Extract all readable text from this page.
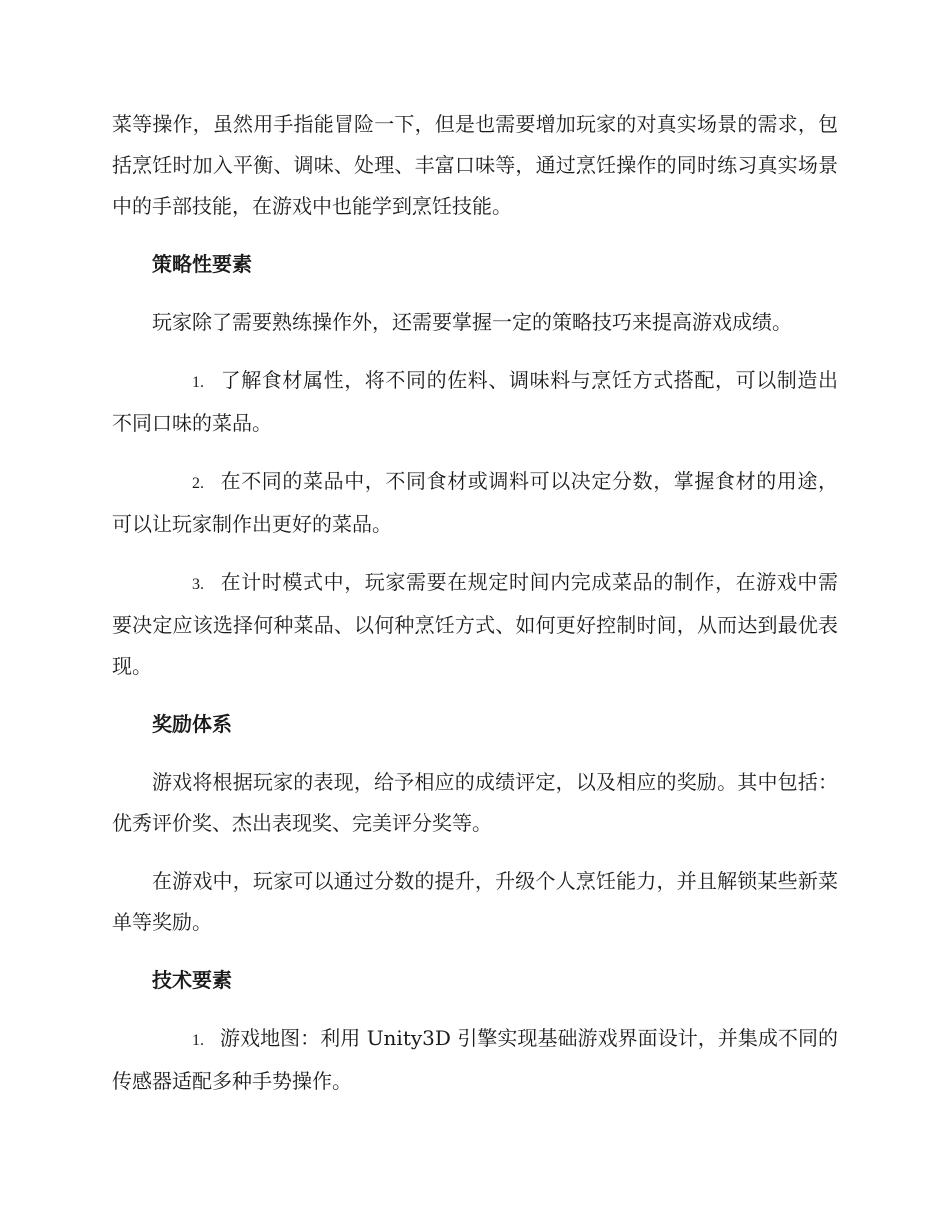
菜等操作，虽然用手指能冒险一下，但是也需要增加玩家的对真实场景的需求，包括烹饪时加入平衡、调味、处理、丰富口味等，通过烹饪操作的同时练习真实场景中的手部技能，在游戏中也能学到烹饪技能。

策略性要素

玩家除了需要熟练操作外，还需要掌握一定的策略技巧来提高游戏成绩。

1. 了解食材属性，将不同的佐料、调味料与烹饪方式搭配，可以制造出不同口味的菜品。

2. 在不同的菜品中，不同食材或调料可以决定分数，掌握食材的用途，可以让玩家制作出更好的菜品。

3. 在计时模式中，玩家需要在规定时间内完成菜品的制作，在游戏中需要决定应该选择何种菜品、以何种烹饪方式、如何更好控制时间，从而达到最优表现。

奖励体系

游戏将根据玩家的表现，给予相应的成绩评定，以及相应的奖励。其中包括：优秀评价奖、杰出表现奖、完美评分奖等。

在游戏中，玩家可以通过分数的提升，升级个人烹饪能力，并且解锁某些新菜单等奖励。

技术要素

1. 游戏地图：利用 Unity3D 引擎实现基础游戏界面设计，并集成不同的传感器适配多种手势操作。
